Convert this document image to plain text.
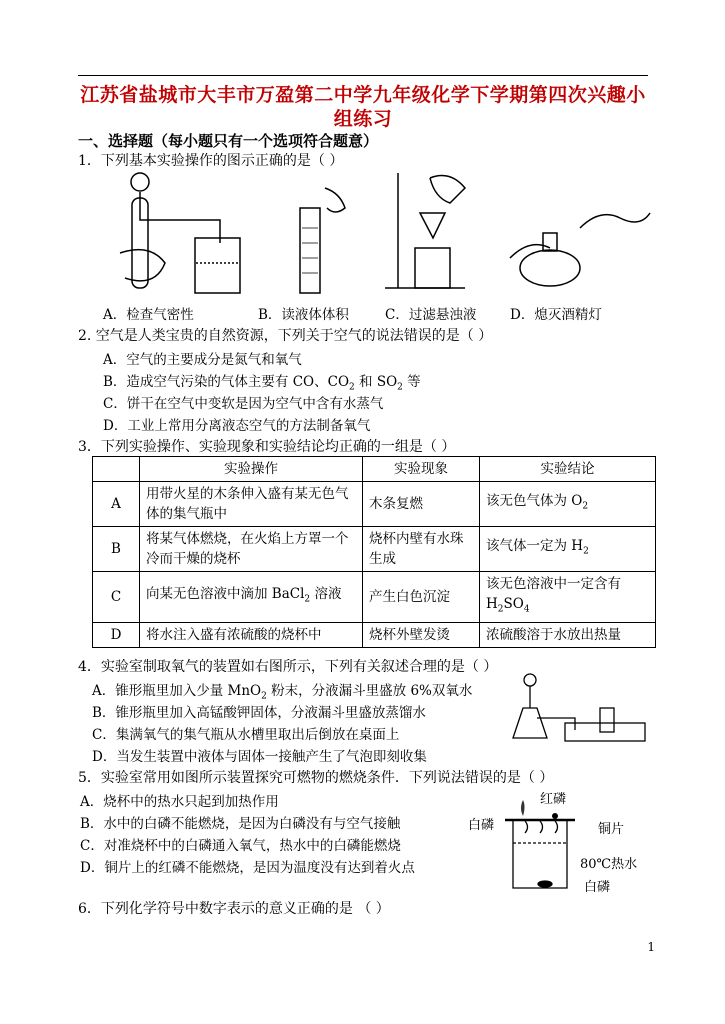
江苏省盐城市大丰市万盈第二中学九年级化学下学期第四次兴趣小
组练习
一、选择题（每小题只有一个选项符合题意）
1．下列基本实验操作的图示正确的是（ ）
A．检查气密性	B．读液体体积	C．过滤悬浊液 D．熄灭酒精灯
2. 空气是人类宝贵的自然资源，下列关于空气的说法错误的是（ ）
A．空气的主要成分是氮气和氧气
B．造成空气污染的气体主要有 CO、$CO_2$ 和 $SO_2$ 等
C．饼干在空气中变软是因为空气中含有水蒸气
D．工业上常用分离液态空气的方法制备氧气
3．下列实验操作、实验现象和实验结论均正确的一组是（ ）
	实验操作	实验现象	实验结论
A	用带火星的木条伸入盛有某无色气体的集气瓶中	木条复燃	该无色气体为 $O_2$
B	将某气体燃烧，在火焰上方罩一个冷而干燥的烧杯	烧杯内壁有水珠生成	该气体一定为 $H_2$
C	向某无色溶液中滴加 BaCl$_2$ 溶液	产生白色沉淀	该无色溶液中一定含有 $H_2SO_4$
D	将水注入盛有浓硫酸的烧杯中	烧杯外壁发烫	浓硫酸溶于水放出热量
4．实验室制取氧气的装置如右图所示，下列有关叙述合理的是（ ）
A．锥形瓶里加入少量 MnO$_2$ 粉末，分液漏斗里盛放 6%双氧水
B．锥形瓶里加入高锰酸钾固体，分液漏斗里盛放蒸馏水
C．集满氧气的集气瓶从水槽里取出后倒放在桌面上
D．当发生装置中液体与固体一接触产生了气泡即刻收集
5．实验室常用如图所示装置探究可燃物的燃烧条件．下列说法错误的是（ ）
A．烧杯中的热水只起到加热作用
B．水中的白磷不能燃烧，是因为白磷没有与空气接触
C．对准烧杯中的白磷通入氧气，热水中的白磷能燃烧
D．铜片上的红磷不能燃烧，是因为温度没有达到着火点
白磷
红磷
铜片
80℃热水
白磷
6．下列化学符号中数字表示的意义正确的是 （ ）
1
